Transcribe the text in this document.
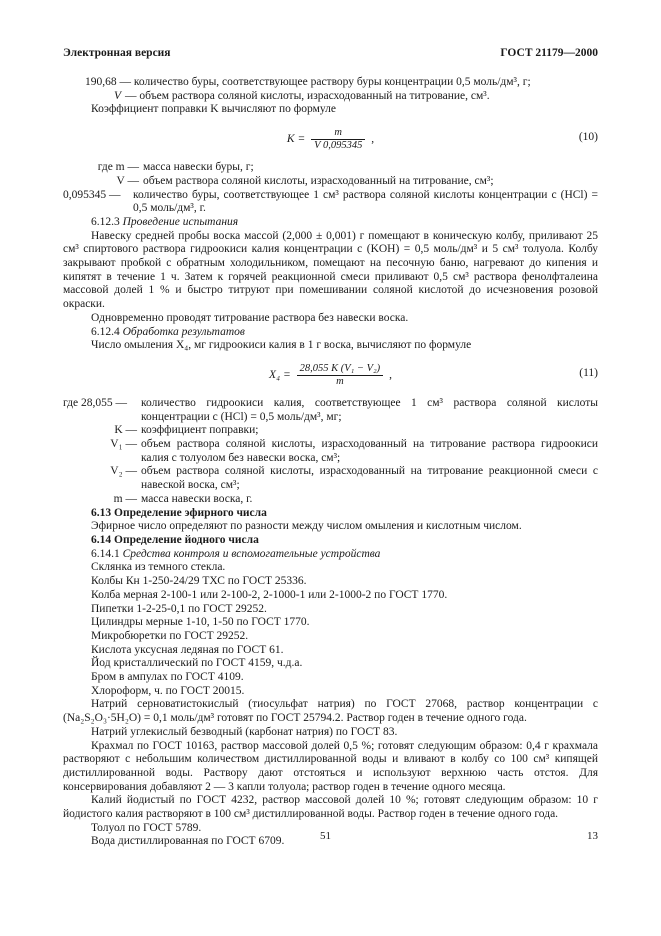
Электронная версия	ГОСТ 21179—2000

190,68 — количество буры, соответствующее раствору буры концентрации 0,5 моль/дм³, г;

V — объем раствора соляной кислоты, израсходованный на титрование, см³.

Коэффициент поправки K вычисляют по формуле

$K = \frac{m}{V 0,095345}$ ,	(10)
где m — масса навески буры, г;
V — объем раствора соляной кислоты, израсходованный на титрование, см³;
0,095345 —	количество буры, соответствующее 1 см³ раствора соляной кислоты концентрации c (HCl) = 0,5 моль/дм³, г.

6.12.3 Проведение испытания

Навеску средней пробы воска массой (2,000 ± 0,001) г помещают в коническую колбу, приливают 25 см³ спиртового раствора гидроокиси калия концентрации c (KOH) = 0,5 моль/дм³ и 5 см³ толуола. Колбу закрывают пробкой с обратным холодильником, помещают на песочную баню, нагревают до кипения и кипятят в течение 1 ч. Затем к горячей реакционной смеси приливают 0,5 см³ раствора фенолфталеина массовой долей 1 % и быстро титруют при помешивании соляной кислотой до исчезновения розовой окраски.

Одновременно проводят титрование раствора без навески воска.

6.12.4 Обработка результатов

Число омыления X₄, мг гидроокиси калия в 1 г воска, вычисляют по формуле

$X_4 = \frac{\text{28,055 K (V₁ − V₂)}}{m}$ ,	(11)
где 28,055 —	количество гидроокиси калия, соответствующее 1 см³ раствора соляной кислоты концентрации c (HCl) = 0,5 моль/дм³, мг;
K — коэффициент поправки;
V₁ — объем раствора соляной кислоты, израсходованный на титрование раствора гидроокиси калия с толуолом без навески воска, см³;
V₂ — объем раствора соляной кислоты, израсходованный на титрование реакционной смеси с навеской воска, см³;
m — масса навески воска, г.

6.13 Определение эфирного числа

Эфирное число определяют по разности между числом омыления и кислотным числом.

6.14 Определение йодного числа

6.14.1 Средства контроля и вспомогательные устройства

Склянка из темного стекла.

Колбы Кн 1-250-24/29 ТХС по ГОСТ 25336.

Колба мерная 2-100-1 или 2-100-2, 2-1000-1 или 2-1000-2 по ГОСТ 1770.

Пипетки 1-2-25-0,1 по ГОСТ 29252.

Цилиндры мерные 1-10, 1-50 по ГОСТ 1770.

Микробюретки по ГОСТ 29252.

Кислота уксусная ледяная по ГОСТ 61.

Йод кристаллический по ГОСТ 4159, ч.д.а.

Бром в ампулах по ГОСТ 4109.

Хлороформ, ч. по ГОСТ 20015.

Натрий серноватистокислый (тиосульфат натрия) по ГОСТ 27068, раствор концентрации c (Na₂S₂O₃·5H₂O) = 0,1 моль/дм³ готовят по ГОСТ 25794.2. Раствор годен в течение одного года.

Натрий углекислый безводный (карбонат натрия) по ГОСТ 83.

Крахмал по ГОСТ 10163, раствор массовой долей 0,5 %; готовят следующим образом: 0,4 г крахмала растворяют с небольшим количеством дистиллированной воды и вливают в колбу со 100 см³ кипящей дистиллированной воды. Раствору дают отстояться и используют верхнюю часть отстоя. Для консервирования добавляют 2 — 3 капли толуола; раствор годен в течение одного месяца.

Калий йодистый по ГОСТ 4232, раствор массовой долей 10 %; готовят следующим образом: 10 г йодистого калия растворяют в 100 см³ дистиллированной воды. Раствор годен в течение одного года.

Толуол по ГОСТ 5789.

Вода дистиллированная по ГОСТ 6709.	51	13
